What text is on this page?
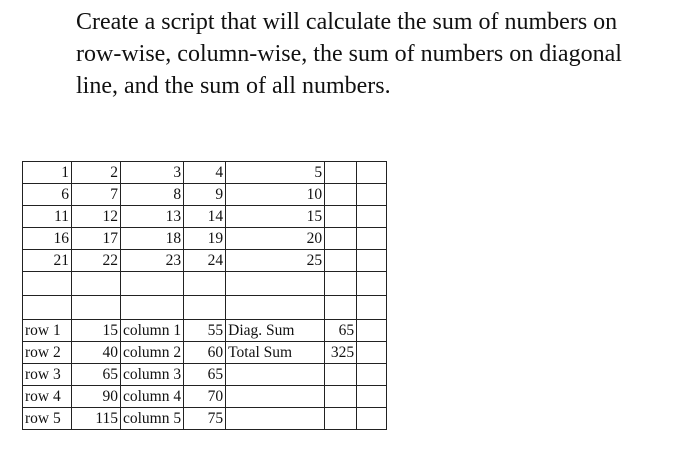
Create a script that will calculate the sum of numbers on
row-wise, column-wise, the sum of numbers on diagonal
line, and the sum of all numbers.
1	2	3	4	5		
6	7	8	9	10		
11	12	13	14	15		
16	17	18	19	20		
21	22	23	24	25		

row 1	15	column 1	55	Diag. Sum	65	
row 2	40	column 2	60	Total Sum	325	
row 3	65	column 3	65			
row 4	90	column 4	70			
row 5	115	column 5	75			
